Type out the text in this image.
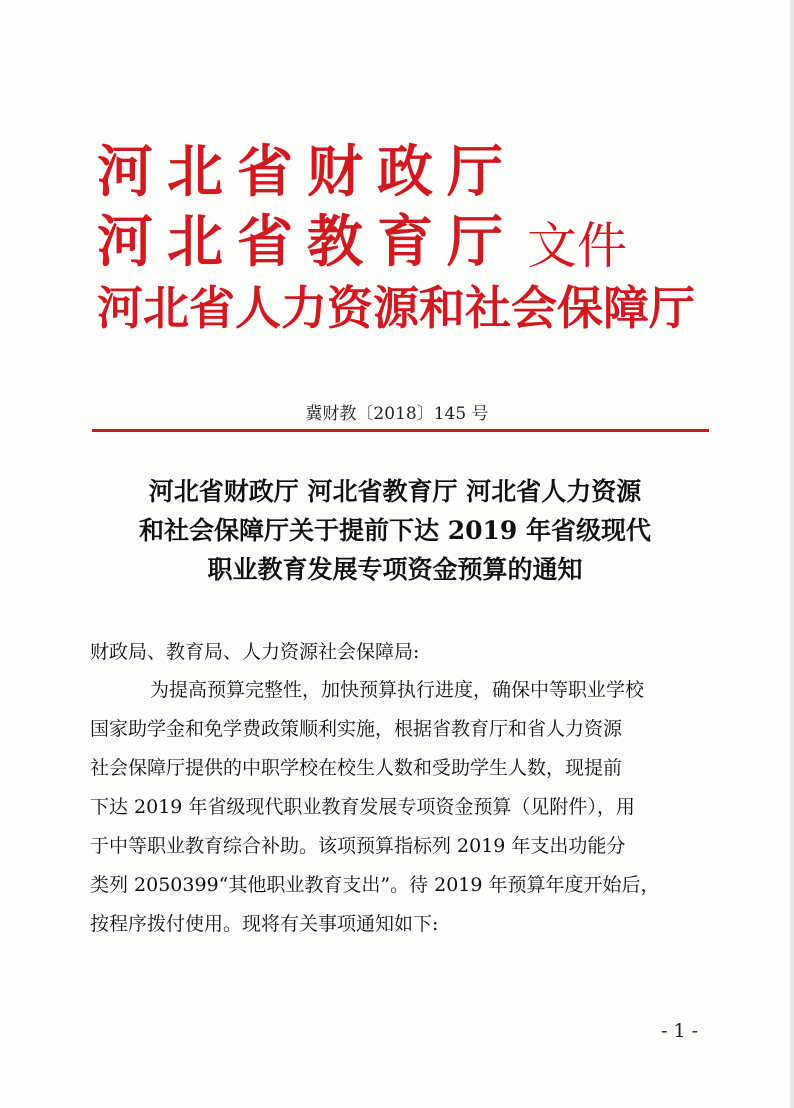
河北省财政厅
河北省教育厅 文件
河北省人力资源和社会保障厅
冀财教〔2018〕145 号
河北省财政厅 河北省教育厅 河北省人力资源
和社会保障厅关于提前下达 2019 年省级现代
职业教育发展专项资金预算的通知
财政局、教育局、人力资源社会保障局:
为提高预算完整性，加快预算执行进度，确保中等职业学校
国家助学金和免学费政策顺利实施，根据省教育厅和省人力资源
社会保障厅提供的中职学校在校生人数和受助学生人数，现提前
下达 2019 年省级现代职业教育发展专项资金预算（见附件），用
于中等职业教育综合补助。该项预算指标列 2019 年支出功能分
类列 2050399“其他职业教育支出”。待 2019 年预算年度开始后，
按程序拨付使用。现将有关事项通知如下:
- 1 -
